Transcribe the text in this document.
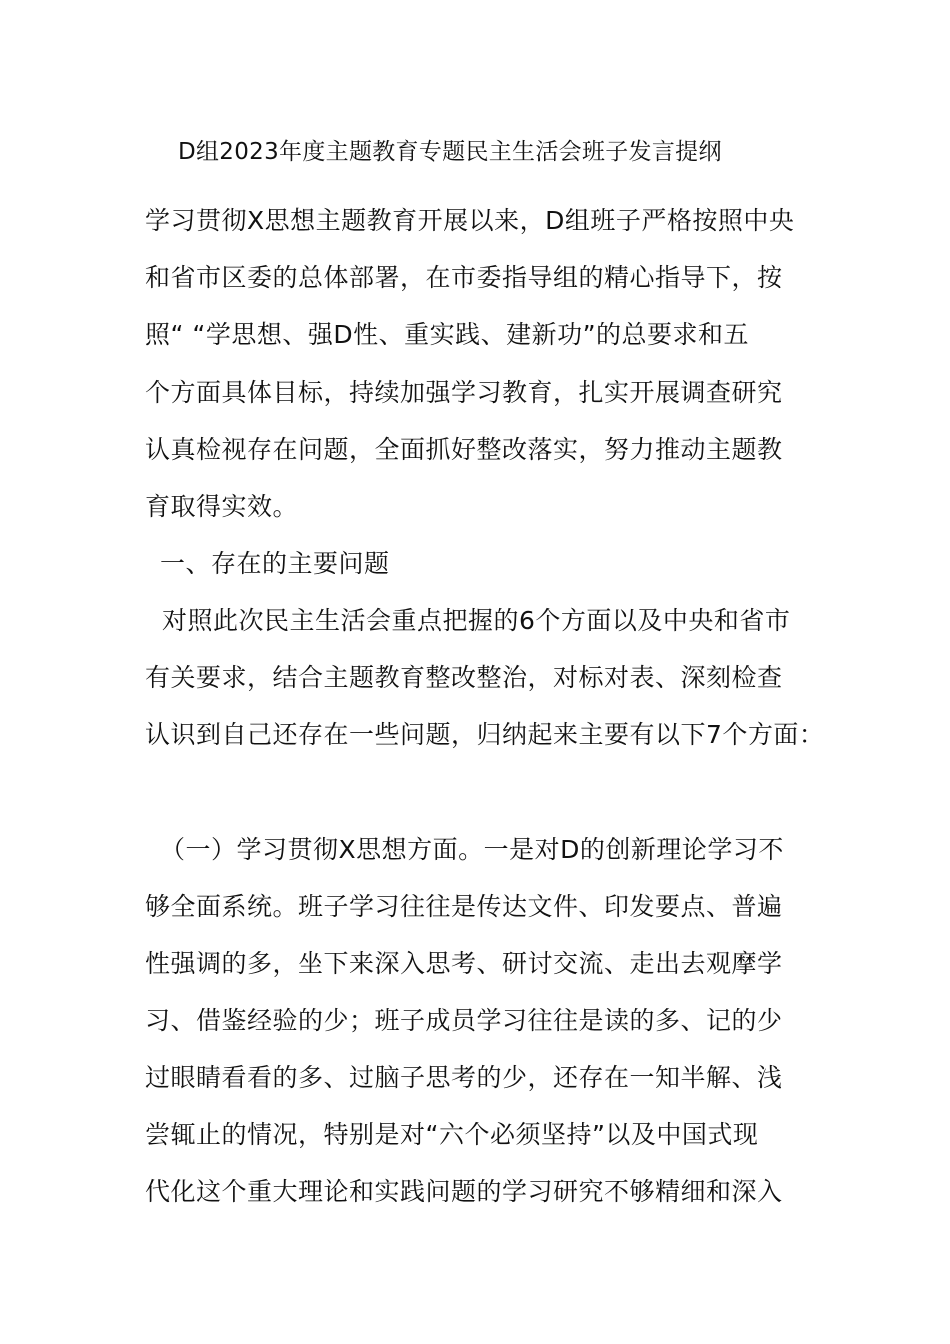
D组2023年度主题教育专题民主生活会班子发言提纲
学习贯彻X思想主题教育开展以来，D组班子严格按照中央
和省市区委的总体部署，在市委指导组的精心指导下，按
照“ “学思想、强D性、重实践、建新功”的总要求和五
个方面具体目标，持续加强学习教育，扎实开展调查研究
认真检视存在问题，全面抓好整改落实，努力推动主题教
育取得实效。
一、存在的主要问题
对照此次民主生活会重点把握的6个方面以及中央和省市
有关要求，结合主题教育整改整治，对标对表、深刻检查
认识到自己还存在一些问题，归纳起来主要有以下7个方面：
（一）学习贯彻X思想方面。一是对D的创新理论学习不
够全面系统。班子学习往往是传达文件、印发要点、普遍
性强调的多，坐下来深入思考、研讨交流、走出去观摩学
习、借鉴经验的少；班子成员学习往往是读的多、记的少
过眼睛看看的多、过脑子思考的少，还存在一知半解、浅
尝辄止的情况，特别是对“六个必须坚持”以及中国式现
代化这个重大理论和实践问题的学习研究不够精细和深入
